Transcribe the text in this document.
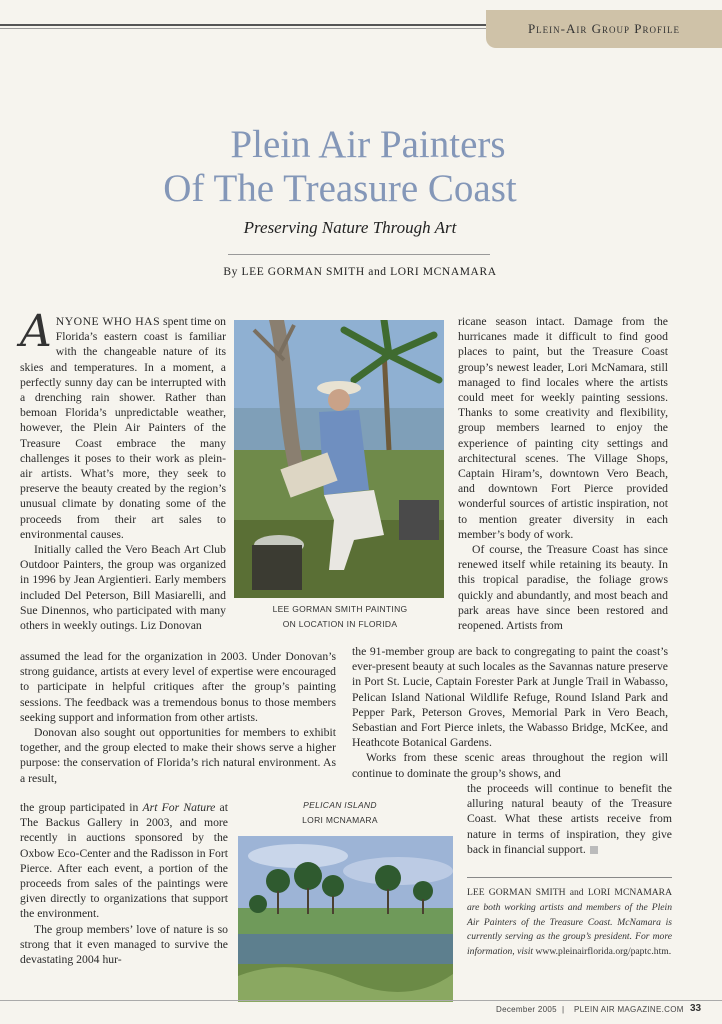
Plein-Air Group Profile
Plein Air Painters
Of The Treasure Coast
Preserving Nature Through Art
By LEE GORMAN SMITH and LORI MCNAMARA

ANYONE WHO HAS spent time on Florida’s eastern coast is familiar with the changeable nature of its skies and temperatures. In a moment, a perfectly sunny day can be interrupted with a drenching rain shower. Rather than bemoan Florida’s unpredictable weather, however, the Plein Air Painters of the Treasure Coast embrace the many challenges it poses to their work as plein-air artists. What’s more, they seek to preserve the beauty created by the region’s unusual climate by donating some of the proceeds from their art sales to environmental causes.

Initially called the Vero Beach Art Club Outdoor Painters, the group was organized in 1996 by Jean Argientieri. Early members included Del Peterson, Bill Masiarelli, and Sue Dinennos, who participated with many others in weekly outings. Liz Donovan

LEE GORMAN SMITH PAINTING
ON LOCATION IN FLORIDA

ricane season intact. Damage from the hurricanes made it difficult to find good places to paint, but the Treasure Coast group’s newest leader, Lori McNamara, still managed to find locales where the artists could meet for weekly painting sessions. Thanks to some creativity and flexibility, group members learned to enjoy the experience of painting city settings and architectural scenes. The Village Shops, Captain Hiram’s, downtown Vero Beach, and downtown Fort Pierce provided wonderful sources of artistic inspiration, not to mention greater diversity in each member’s body of work.

Of course, the Treasure Coast has since renewed itself while retaining its beauty. In this tropical paradise, the foliage grows quickly and abundantly, and most beach and park areas have since been restored and reopened. Artists from

assumed the lead for the organization in 2003. Under Donovan’s strong guidance, artists at every level of expertise were encouraged to participate in helpful critiques after the group’s painting sessions. The feedback was a tremendous bonus to those members seeking support and information from other artists.

Donovan also sought out opportunities for members to exhibit together, and the group elected to make their shows serve a higher purpose: the conservation of Florida’s rich natural environment. As a result,

the 91-member group are back to congregating to paint the coast’s ever-present beauty at such locales as the Savannas nature preserve in Port St. Lucie, Captain Forester Park at Jungle Trail in Wabasso, Pelican Island National Wildlife Refuge, Round Island Park and Pepper Park, Peterson Groves, Memorial Park in Vero Beach, Sebastian and Fort Pierce inlets, the Wabasso Bridge, McKee, and Heathcote Botanical Gardens.

Works from these scenic areas throughout the region will continue to dominate the group’s shows, and

the group participated in Art For Nature at The Backus Gallery in 2003, and more recently in auctions sponsored by the Oxbow Eco-Center and the Radisson in Fort Pierce. After each event, a portion of the proceeds from sales of the paintings were given directly to organizations that support the environment.

The group members’ love of nature is so strong that it even managed to survive the devastating 2004 hur-

PELICAN ISLAND
LORI MCNAMARA

the proceeds will continue to benefit the alluring natural beauty of the Treasure Coast. What these artists receive from nature in terms of inspiration, they give back in financial support.

LEE GORMAN SMITH and LORI MCNAMARA are both working artists and members of the Plein Air Painters of the Treasure Coast. McNamara is currently serving as the group’s president. For more information, visit www.pleinairflorida.org/paptc.htm.
December 2005 | PLEIN AIR MAGAZINE.COM 33
